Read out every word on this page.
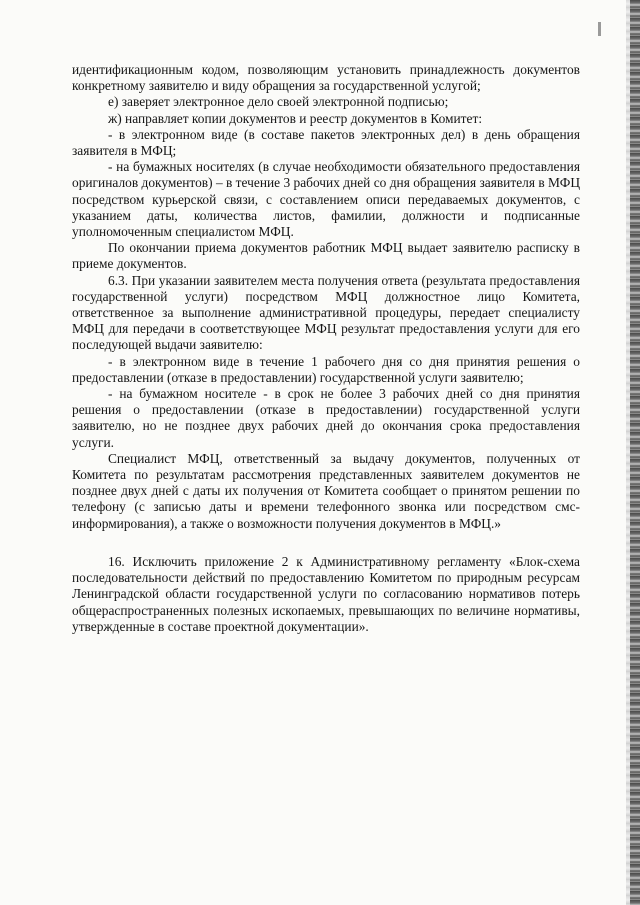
идентификационным кодом, позволяющим установить принадлежность документов конкретному заявителю и виду обращения за государственной услугой;

е) заверяет электронное дело своей электронной подписью;

ж) направляет копии документов и реестр документов в Комитет:

- в электронном виде (в составе пакетов электронных дел) в день обращения заявителя в МФЦ;

- на бумажных носителях (в случае необходимости обязательного предоставления оригиналов документов) – в течение 3 рабочих дней со дня обращения заявителя в МФЦ посредством курьерской связи, с составлением описи передаваемых документов, с указанием даты, количества листов, фамилии, должности и подписанные уполномоченным специалистом МФЦ.

По окончании приема документов работник МФЦ выдает заявителю расписку в приеме документов.

6.3. При указании заявителем места получения ответа (результата предоставления государственной услуги) посредством МФЦ должностное лицо Комитета, ответственное за выполнение административной процедуры, передает специалисту МФЦ для передачи в соответствующее МФЦ результат предоставления услуги для его последующей выдачи заявителю:

- в электронном виде в течение 1 рабочего дня со дня принятия решения о предоставлении (отказе в предоставлении) государственной услуги заявителю;

- на бумажном носителе - в срок не более 3 рабочих дней со дня принятия решения о предоставлении (отказе в предоставлении) государственной услуги заявителю, но не позднее двух рабочих дней до окончания срока предоставления услуги.

Специалист МФЦ, ответственный за выдачу документов, полученных от Комитета по результатам рассмотрения представленных заявителем документов не позднее двух дней с даты их получения от Комитета сообщает о принятом решении по телефону (с записью даты и времени телефонного звонка или посредством смс-информирования), а также о возможности получения документов в МФЦ.»

16. Исключить приложение 2 к Административному регламенту «Блок-схема последовательности действий по предоставлению Комитетом по природным ресурсам Ленинградской области государственной услуги по согласованию нормативов потерь общераспространенных полезных ископаемых, превышающих по величине нормативы, утвержденные в составе проектной документации».
